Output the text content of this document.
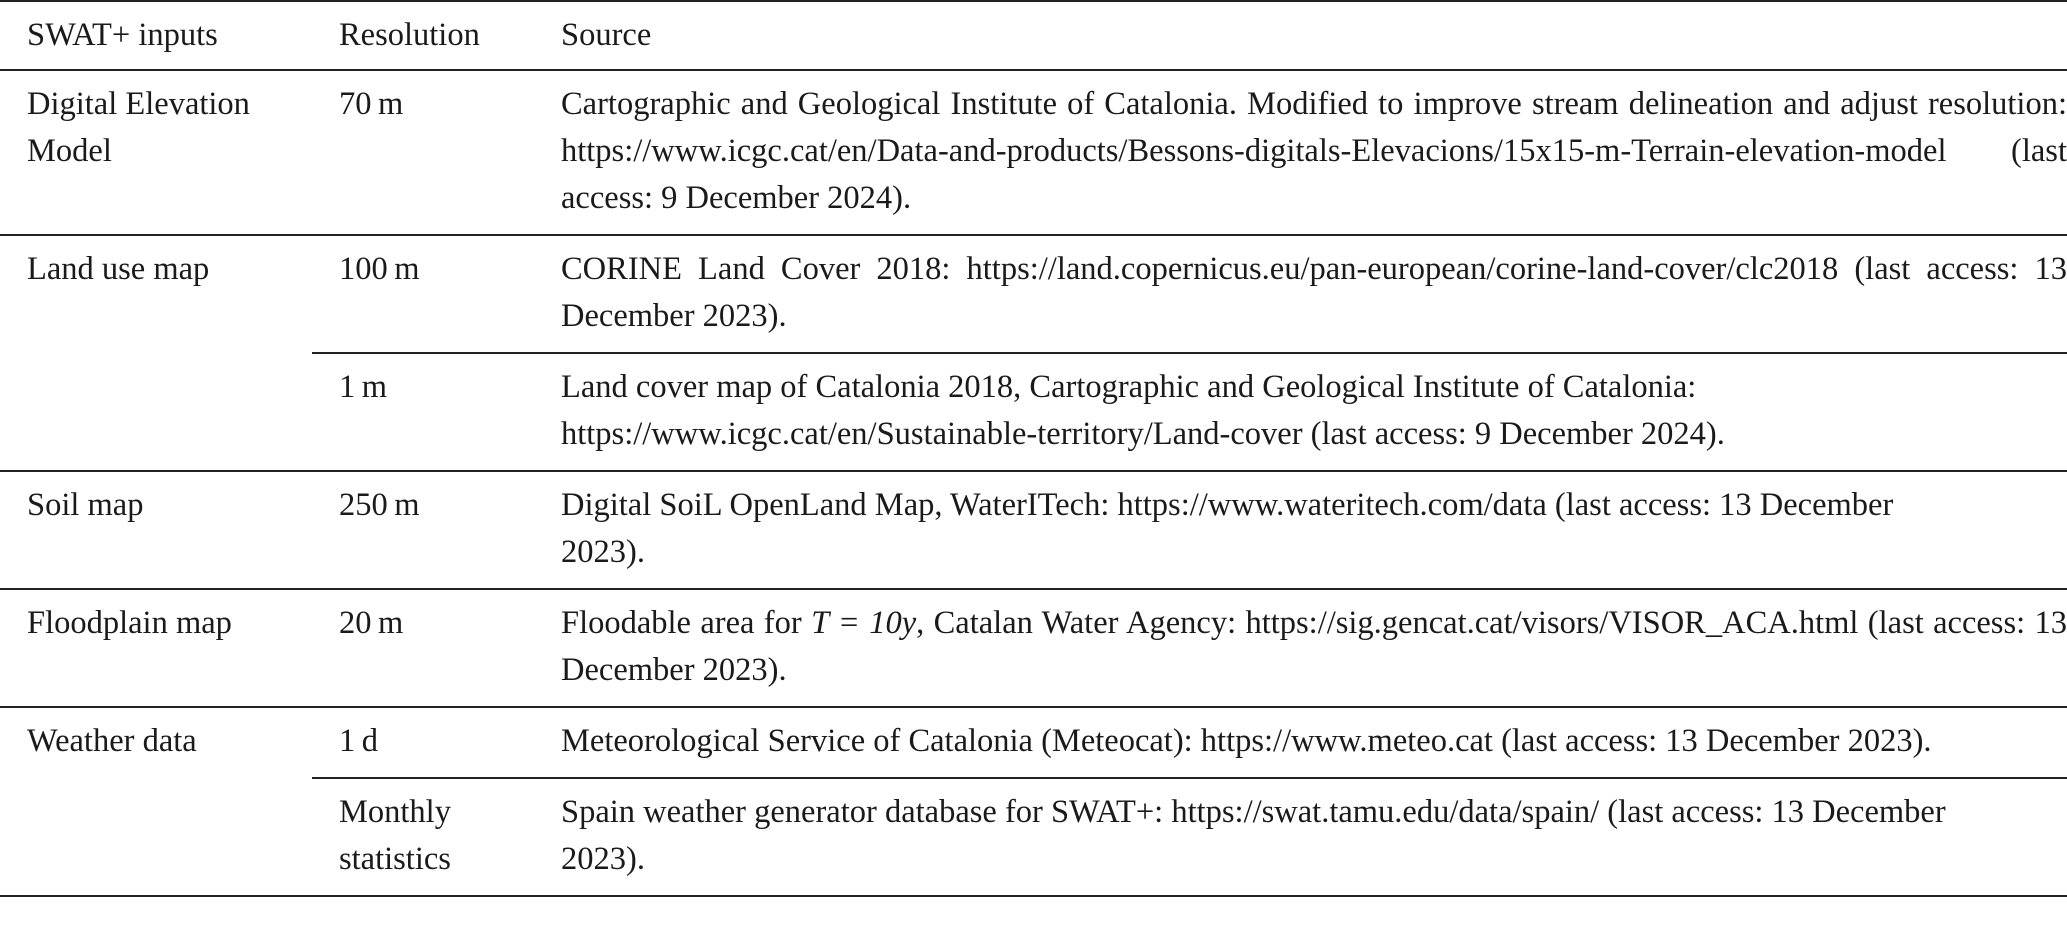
SWAT+ inputs	Resolution	Source
Digital Elevation Model	70 m	Cartographic and Geological Institute of Catalonia. Modified to improve stream delineation and adjust resolution: https://www.icgc.cat/en/Data-and-products/Bessons-digitals-Elevacions/15x15-m-Terrain-elevation-model (last access: 9 December 2024).
Land use map	100 m	CORINE Land Cover 2018: https://land.copernicus.eu/pan-european/corine-land-cover/clc2018 (last access: 13 December 2023).
	1 m	Land cover map of Catalonia 2018, Cartographic and Geological Institute of Catalonia: https://www.icgc.cat/en/Sustainable-territory/Land-cover (last access: 9 December 2024).
Soil map	250 m	Digital SoiL OpenLand Map, WaterITech: https://www.wateritech.com/data (last access: 13 December 2023).
Floodplain map	20 m	Floodable area for T = 10y, Catalan Water Agency: https://sig.gencat.cat/visors/VISOR_ACA.html (last access: 13 December 2023).
Weather data	1 d	Meteorological Service of Catalonia (Meteocat): https://www.meteo.cat (last access: 13 December 2023).
	Monthly statistics	Spain weather generator database for SWAT+: https://swat.tamu.edu/data/spain/ (last access: 13 December 2023).
